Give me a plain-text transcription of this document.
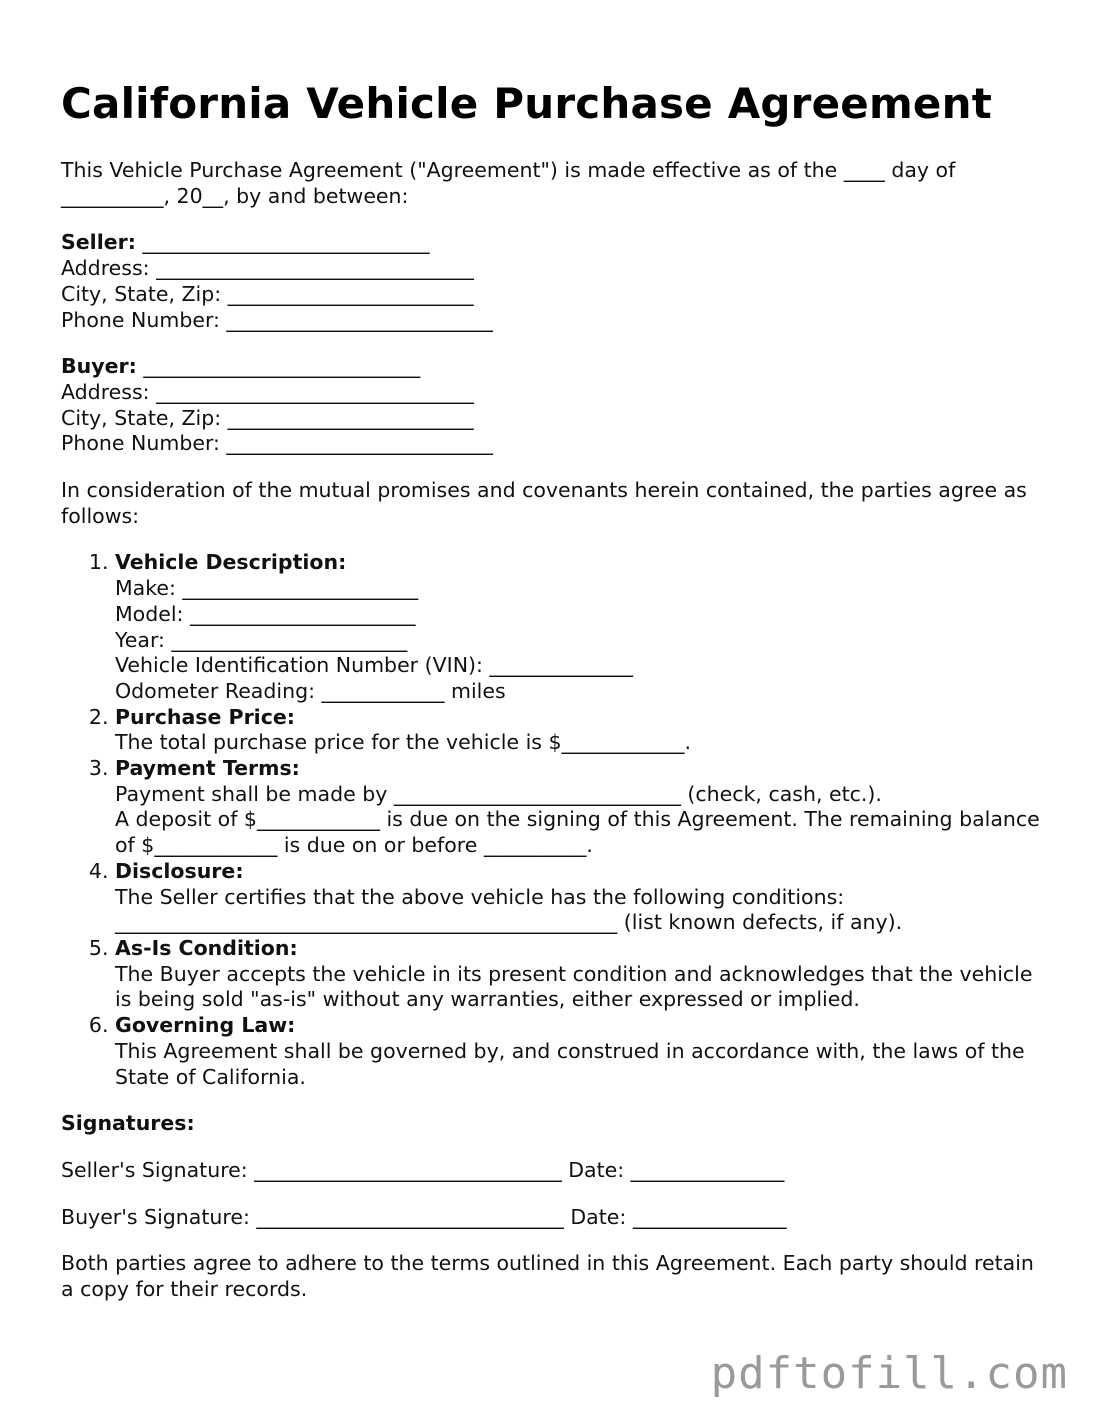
California Vehicle Purchase Agreement

This Vehicle Purchase Agreement ("Agreement") is made effective as of the ____ day of __________, 20__, by and between:

Seller: ____________________________
Address: _______________________________
City, State, Zip: ________________________
Phone Number: __________________________
Buyer: ___________________________
Address: _______________________________
City, State, Zip: ________________________
Phone Number: __________________________

In consideration of the mutual promises and covenants herein contained, the parties agree as follows:

1. Vehicle Description:
Make: _______________________
Model: ______________________
Year: _______________________
Vehicle Identification Number (VIN): ______________
Odometer Reading: ____________ miles
2. Purchase Price:
The total purchase price for the vehicle is $____________.
3. Payment Terms:
Payment shall be made by ____________________________ (check, cash, etc.).
A deposit of $____________ is due on the signing of this Agreement. The remaining balance of $____________ is due on or before __________.
4. Disclosure:
The Seller certifies that the above vehicle has the following conditions:
_________________________________________________ (list known defects, if any).
5. As-Is Condition:
The Buyer accepts the vehicle in its present condition and acknowledges that the vehicle is being sold "as-is" without any warranties, either expressed or implied.
6. Governing Law:
This Agreement shall be governed by, and construed in accordance with, the laws of the State of California.

Signatures:

Seller's Signature: ______________________________ Date: _______________

Buyer's Signature: ______________________________ Date: _______________

Both parties agree to adhere to the terms outlined in this Agreement. Each party should retain a copy for their records.

pdftofill.com
